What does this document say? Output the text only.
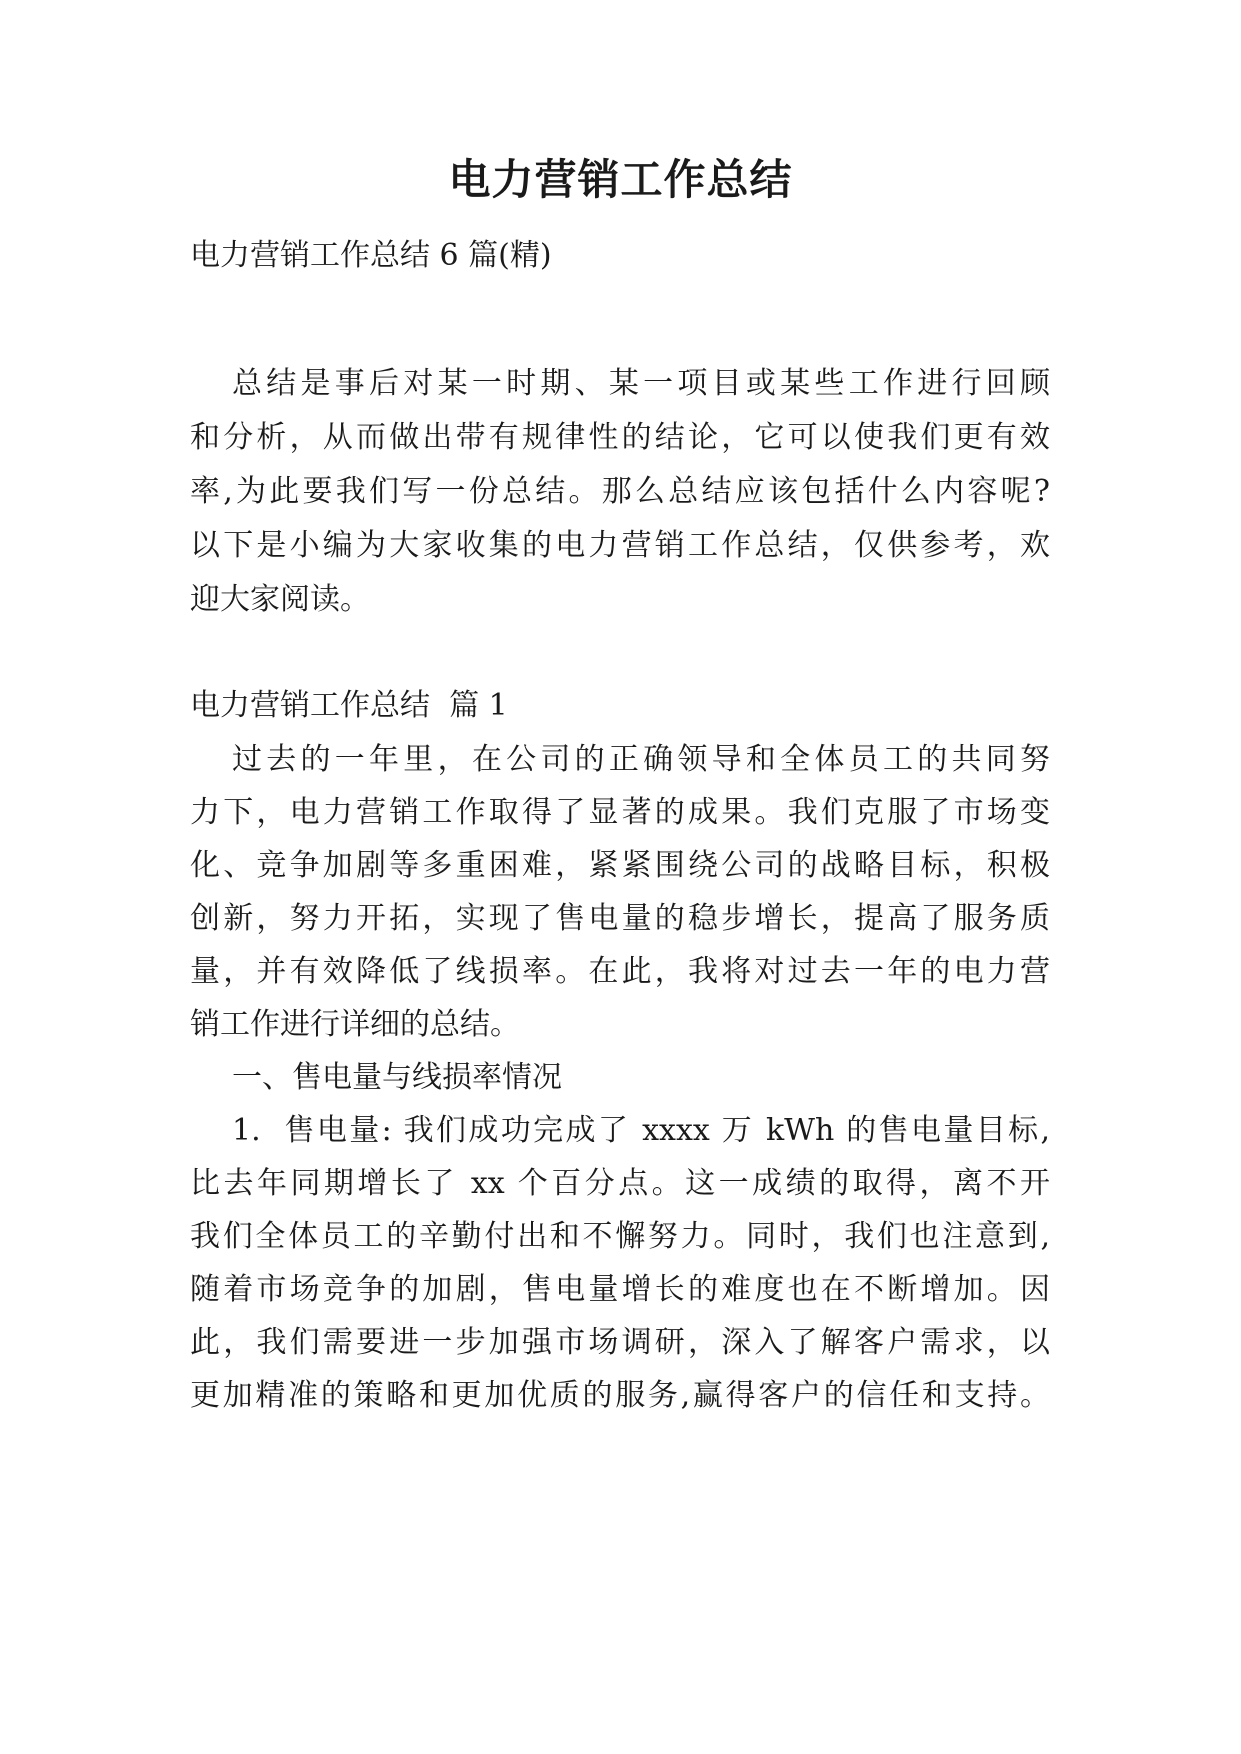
电力营销工作总结

电力营销工作总结 6 篇(精)

总结是事后对某一时期、某一项目或某些工作进行回顾

和分析，从而做出带有规律性的结论，它可以使我们更有效

率,为此要我们写一份总结。那么总结应该包括什么内容呢?

以下是小编为大家收集的电力营销工作总结，仅供参考，欢

迎大家阅读。

电力营销工作总结  篇 1

过去的一年里，在公司的正确领导和全体员工的共同努

力下，电力营销工作取得了显著的成果。我们克服了市场变

化、竞争加剧等多重困难，紧紧围绕公司的战略目标，积极

创新，努力开拓，实现了售电量的稳步增长，提高了服务质

量，并有效降低了线损率。在此，我将对过去一年的电力营

销工作进行详细的总结。

一、售电量与线损率情况

1.  售电量: 我们成功完成了 xxxx 万 kWh 的售电量目标,

比去年同期增长了 xx 个百分点。这一成绩的取得，离不开

我们全体员工的辛勤付出和不懈努力。同时，我们也注意到,

随着市场竞争的加剧，售电量增长的难度也在不断增加。因

此，我们需要进一步加强市场调研，深入了解客户需求，以

更加精准的策略和更加优质的服务,赢得客户的信任和支持。
